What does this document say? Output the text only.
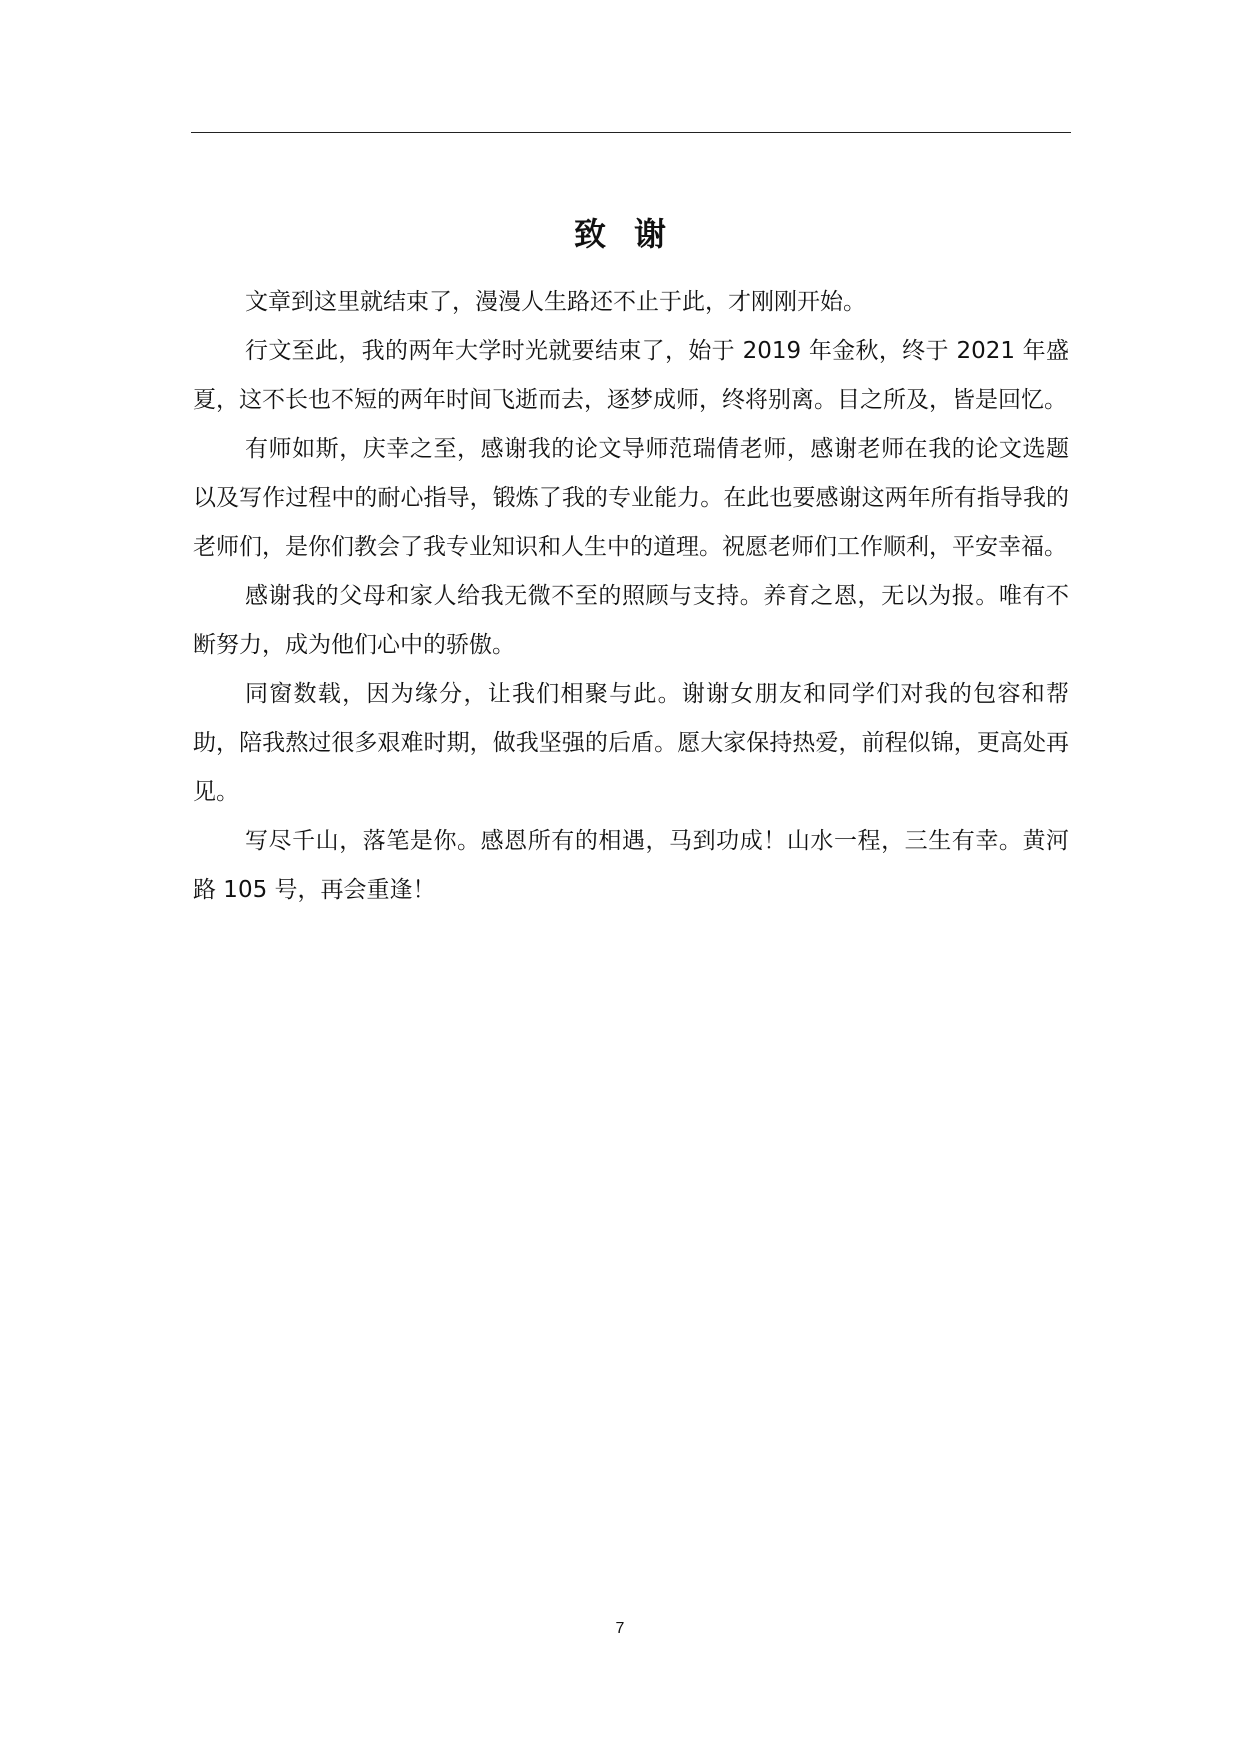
致谢

文章到这里就结束了，漫漫人生路还不止于此，才刚刚开始。

行文至此，我的两年大学时光就要结束了，始于 2019 年金秋，终于 2021 年盛夏，这不长也不短的两年时间飞逝而去，逐梦成师，终将别离。目之所及，皆是回忆。

有师如斯，庆幸之至，感谢我的论文导师范瑞倩老师，感谢老师在我的论文选题以及写作过程中的耐心指导，锻炼了我的专业能力。在此也要感谢这两年所有指导我的老师们，是你们教会了我专业知识和人生中的道理。祝愿老师们工作顺利，平安幸福。

感谢我的父母和家人给我无微不至的照顾与支持。养育之恩，无以为报。唯有不断努力，成为他们心中的骄傲。

同窗数载，因为缘分，让我们相聚与此。谢谢女朋友和同学们对我的包容和帮助，陪我熬过很多艰难时期，做我坚强的后盾。愿大家保持热爱，前程似锦，更高处再见。

写尽千山，落笔是你。感恩所有的相遇，马到功成！山水一程，三生有幸。黄河路 105 号，再会重逢！

7
